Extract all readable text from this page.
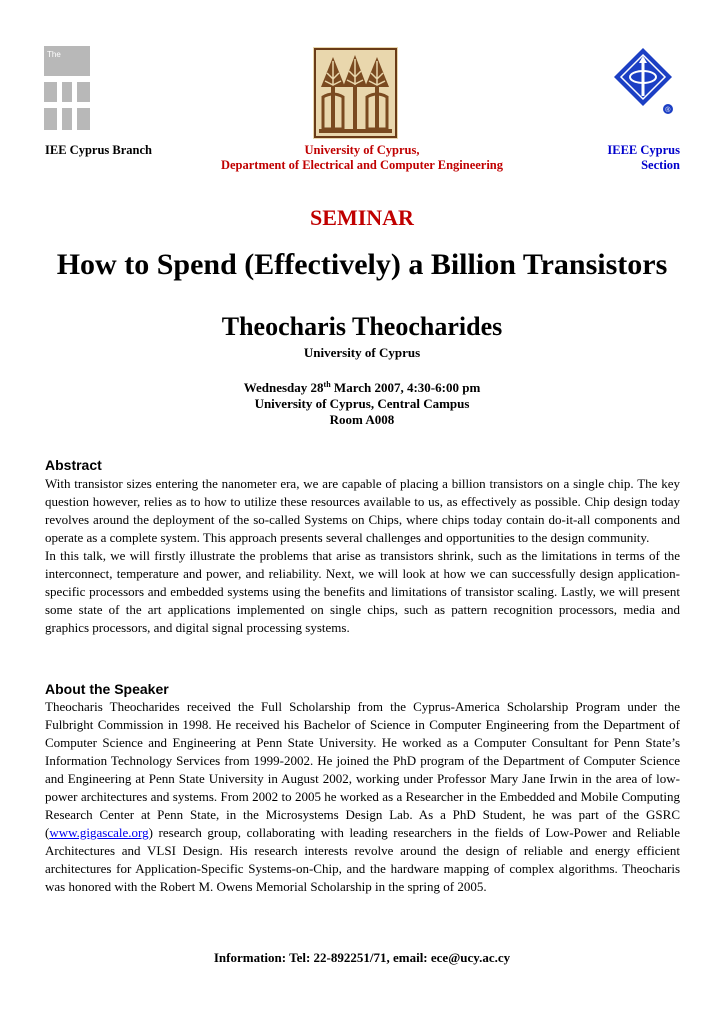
The
®
IEE Cyprus Branch	University of Cyprus,
Department of Electrical and Computer Engineering
IEEE Cyprus
Section
SEMINAR
How to Spend (Effectively) a Billion Transistors
Theocharis Theocharides
University of Cyprus
Wednesday 28th March 2007, 4:30-6:00 pm
University of Cyprus, Central Campus
Room A008
Abstract

With transistor sizes entering the nanometer era, we are capable of placing a billion transistors on a single chip. The key question however, relies as to how to utilize these resources available to us, as effectively as possible. Chip design today revolves around the deployment of the so-called Systems on Chips, where chips today contain do-it-all components and operate as a complete system. This approach presents several challenges and opportunities to the design community.

In this talk, we will firstly illustrate the problems that arise as transistors shrink, such as the limitations in terms of the interconnect, temperature and power, and reliability. Next, we will look at how we can successfully design application-specific processors and embedded systems using the benefits and limitations of transistor scaling. Lastly, we will present some state of the art applications implemented on single chips, such as pattern recognition processors, media and graphics processors, and digital signal processing systems.

About the Speaker

Theocharis Theocharides received the Full Scholarship from the Cyprus-America Scholarship Program under the Fulbright Commission in 1998. He received his Bachelor of Science in Computer Engineering from the Department of Computer Science and Engineering at Penn State University. He worked as a Computer Consultant for Penn State’s Information Technology Services from 1999-2002. He joined the PhD program of the Department of Computer Science and Engineering at Penn State University in August 2002, working under Professor Mary Jane Irwin in the area of low-power architectures and systems. From 2002 to 2005 he worked as a Researcher in the Embedded and Mobile Computing Research Center at Penn State, in the Microsystems Design Lab. As a PhD Student, he was part of the GSRC (www.gigascale.org) research group, collaborating with leading researchers in the fields of Low-Power and Reliable Architectures and VLSI Design. His research interests revolve around the design of reliable and energy efficient architectures for Application-Specific Systems-on-Chip, and the hardware mapping of complex algorithms. Theocharis was honored with the Robert M. Owens Memorial Scholarship in the spring of 2005.

Information: Tel: 22-892251/71, email: ece@ucy.ac.cy
